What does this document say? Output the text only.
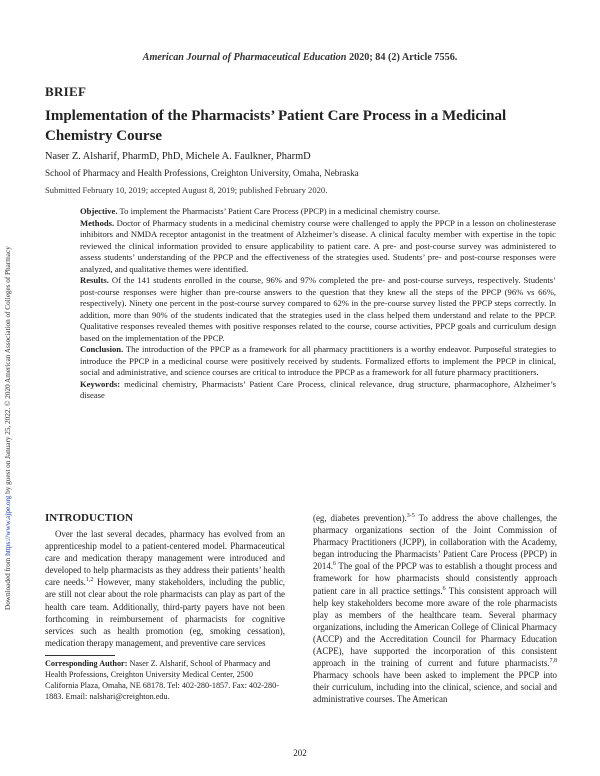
Downloaded from https://www.ajpe.org by guest on January 25, 2022. © 2020 American Association of Colleges of Pharmacy
American Journal of Pharmaceutical Education 2020; 84 (2) Article 7556.
BRIEF
Implementation of the Pharmacists’ Patient Care Process in a Medicinal Chemistry Course
Naser Z. Alsharif, PharmD, PhD, Michele A. Faulkner, PharmD
School of Pharmacy and Health Professions, Creighton University, Omaha, Nebraska
Submitted February 10, 2019; accepted August 8, 2019; published February 2020.

Objective. To implement the Pharmacists’ Patient Care Process (PPCP) in a medicinal chemistry course.

Methods. Doctor of Pharmacy students in a medicinal chemistry course were challenged to apply the PPCP in a lesson on cholinesterase inhibitors and NMDA receptor antagonist in the treatment of Alzheimer’s disease. A clinical faculty member with expertise in the topic reviewed the clinical information provided to ensure applicability to patient care. A pre- and post-course survey was administered to assess students’ understanding of the PPCP and the effectiveness of the strategies used. Students’ pre- and post-course responses were analyzed, and qualitative themes were identified.

Results. Of the 141 students enrolled in the course, 96% and 97% completed the pre- and post-course surveys, respectively. Students’ post-course responses were higher than pre-course answers to the question that they knew all the steps of the PPCP (96% vs 66%, respectively). Ninety one percent in the post-course survey compared to 62% in the pre-course survey listed the PPCP steps correctly. In addition, more than 90% of the students indicated that the strategies used in the class helped them understand and relate to the PPCP. Qualitative responses revealed themes with positive responses related to the course, course activities, PPCP goals and curriculum design based on the implementation of the PPCP.

Conclusion. The introduction of the PPCP as a framework for all pharmacy practitioners is a worthy endeavor. Purposeful strategies to introduce the PPCP in a medicinal course were positively received by students. Formalized efforts to implement the PPCP in clinical, social and administrative, and science courses are critical to introduce the PPCP as a framework for all future pharmacy practitioners.

Keywords: medicinal chemistry, Pharmacists’ Patient Care Process, clinical relevance, drug structure, pharmacophore, Alzheimer’s disease

INTRODUCTION

Over the last several decades, pharmacy has evolved from an apprenticeship model to a patient-centered model. Pharmaceutical care and medication therapy management were introduced and developed to help pharmacists as they address their patients’ health care needs.$^{1,2}$ However, many stakeholders, including the public, are still not clear about the role pharmacists can play as part of the health care team. Additionally, third-party payers have not been forthcoming in reimbursement of pharmacists for cognitive services such as health promotion (eg, smoking cessation), medication therapy management, and preventive care services

(eg, diabetes prevention).$^{3-5}$ To address the above challenges, the pharmacy organizations section of the Joint Commission of Pharmacy Practitioners (JCPP), in collaboration with the Academy, began introducing the Pharmacists’ Patient Care Process (PPCP) in 2014.$^6$ The goal of the PPCP was to establish a thought process and framework for how pharmacists should consistently approach patient care in all practice settings.$^6$ This consistent approach will help key stakeholders become more aware of the role pharmacists play as members of the healthcare team. Several pharmacy organizations, including the American College of Clinical Pharmacy (ACCP) and the Accreditation Council for Pharmacy Education (ACPE), have supported the incorporation of this consistent approach in the training of current and future pharmacists.$^{7,8}$ Pharmacy schools have been asked to implement the PPCP into their curriculum, including into the clinical, science, and social and administrative courses. The American

Corresponding Author: Naser Z. Alsharif, School of Pharmacy and Health Professions, Creighton University Medical Center, 2500 California Plaza, Omaha, NE 68178. Tel: 402-280-1857. Fax: 402-280-1883. Email: nalshari@creighton.edu.
202
